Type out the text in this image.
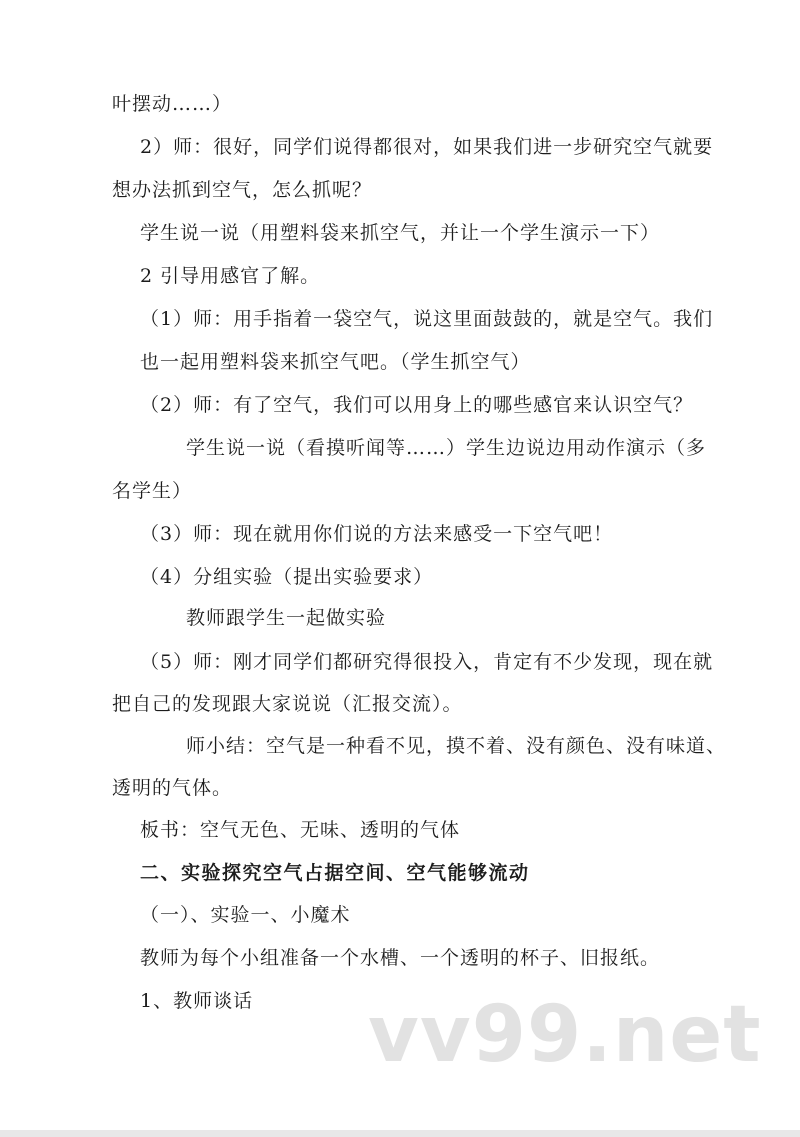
叶摆动……）
2）师：很好，同学们说得都很对，如果我们进一步研究空气就要
想办法抓到空气，怎么抓呢？
学生说一说（用塑料袋来抓空气，并让一个学生演示一下）
2 引导用感官了解。
（1）师：用手指着一袋空气，说这里面鼓鼓的，就是空气。我们
也一起用塑料袋来抓空气吧。（学生抓空气）
（2）师：有了空气，我们可以用身上的哪些感官来认识空气？
学生说一说（看摸听闻等……）学生边说边用动作演示（多
名学生）
（3）师：现在就用你们说的方法来感受一下空气吧！
（4）分组实验（提出实验要求）
教师跟学生一起做实验
（5）师：刚才同学们都研究得很投入，肯定有不少发现，现在就
把自己的发现跟大家说说（汇报交流）。
师小结：空气是一种看不见，摸不着、没有颜色、没有味道、
透明的气体。
板书：空气无色、无味、透明的气体
二、实验探究空气占据空间、空气能够流动
（一）、实验一、小魔术
教师为每个小组准备一个水槽、一个透明的杯子、旧报纸。
1、教师谈话 vv99.net
